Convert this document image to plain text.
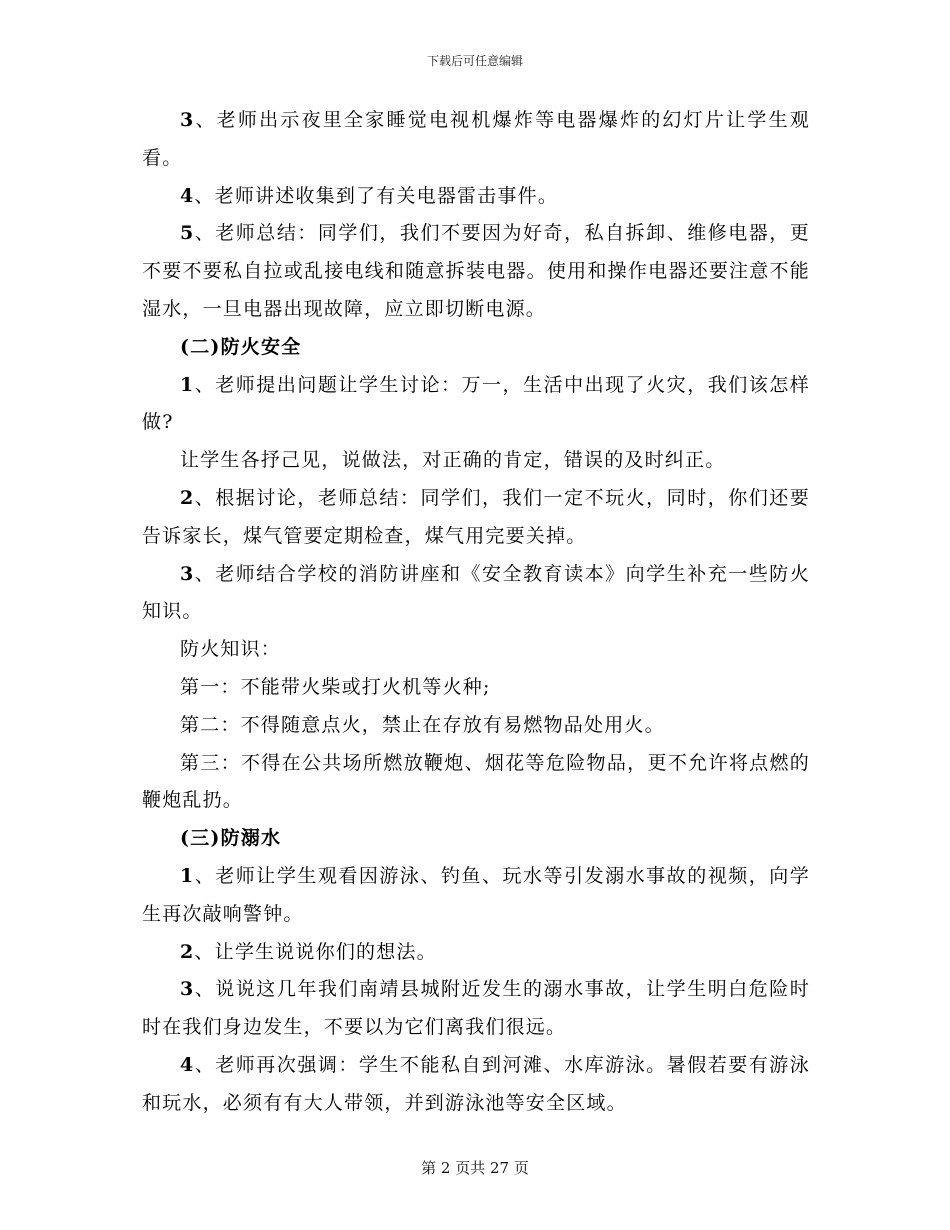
下载后可任意编辑

3、老师出示夜里全家睡觉电视机爆炸等电器爆炸的幻灯片让学生观看。

4、老师讲述收集到了有关电器雷击事件。

5、老师总结：同学们，我们不要因为好奇，私自拆卸、维修电器，更不要不要私自拉或乱接电线和随意拆装电器。使用和操作电器还要注意不能湿水，一旦电器出现故障，应立即切断电源。

(二)防火安全

1、老师提出问题让学生讨论：万一，生活中出现了火灾，我们该怎样做?

让学生各抒己见，说做法，对正确的肯定，错误的及时纠正。

2、根据讨论，老师总结：同学们，我们一定不玩火，同时，你们还要告诉家长，煤气管要定期检查，煤气用完要关掉。

3、老师结合学校的消防讲座和《安全教育读本》向学生补充一些防火知识。

防火知识：

第一：不能带火柴或打火机等火种;

第二：不得随意点火，禁止在存放有易燃物品处用火。

第三：不得在公共场所燃放鞭炮、烟花等危险物品，更不允许将点燃的鞭炮乱扔。

(三)防溺水

1、老师让学生观看因游泳、钓鱼、玩水等引发溺水事故的视频，向学生再次敲响警钟。

2、让学生说说你们的想法。

3、说说这几年我们南靖县城附近发生的溺水事故，让学生明白危险时时在我们身边发生，不要以为它们离我们很远。

4、老师再次强调：学生不能私自到河滩、水库游泳。暑假若要有游泳和玩水，必须有有大人带领，并到游泳池等安全区域。

第 2 页共 27 页
